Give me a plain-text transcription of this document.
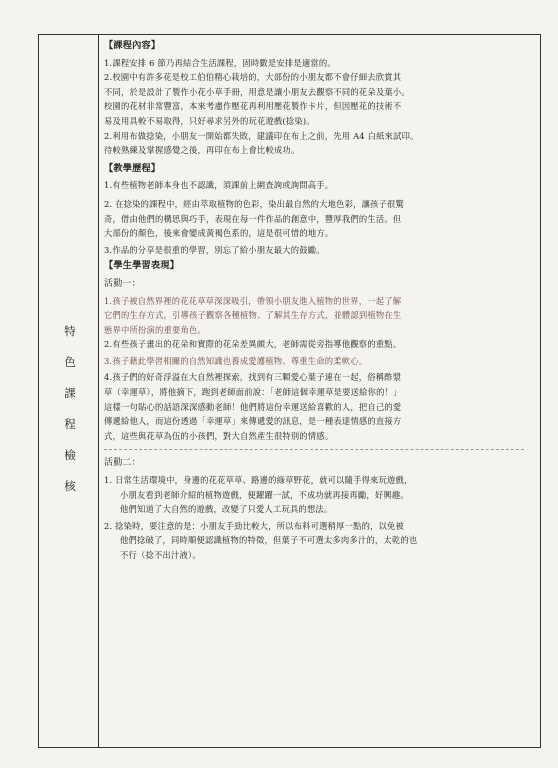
特
色
課
程
檢
核

【課程內容】

1.課程安排 6 節乃再結合生活課程，固時數是安排是適當的。

2.校園中有許多花是校工伯伯精心栽培的，大部份的小朋友都不會仔細去欣賞其

不同，於是設計了製作小花小草手冊，用意是讓小朋友去觀察不同的花朵及葉小。

校園的花材非常豐富，本來考慮作壓花再利用壓花製作卡片，但因壓花的技術不

易及用具較不易取得，只好尋求另外的玩花遊戲(捻染)。

2.利用布做捻染，小朋友一開始都失敗，建議印在布上之前，先用 A4 白紙來試印。

待較熟練及掌握感覺之後，再印在布上會比較成功。

【教學歷程】

1.有些植物老師本身也不認識，須課前上網查詢或詢問高手。

2. 在捻染的課程中，經由萃取植物的色彩，染出最自然的大地色彩，讓孩子很驚

奇，借由他們的構思與巧手，表現在每一件作品的創意中，豐厚我們的生活。但

大部份的顏色，後來會變成黃褐色系的，這是很可惜的地方。

3.作品的分享是很重的學習，別忘了給小朋友最大的鼓勵。

【學生學習表現】

活動一：

1.孩子被自然界裡的花花草草深深吸引，帶領小朋友進入植物的世界，一起了解

它們的生存方式，引導孩子觀察各種植物、了解其生存方式，並體認到植物在生

態界中所扮演的重要角色。

2.有些孩子畫出的花朵和實際的花朵差異頗大，老師需從旁指導他觀察的重點。

3.孩子藉此學習相關的自然知識也養成愛護植物、尊重生命的柔軟心。

4.孩子們的好奇浮溢在大自然裡探索，找到有三顆愛心葉子連在一起，俗稱酢漿

草（幸運草），將他摘下，跑到老師面前說：「老師這個幸運草是要送給你的！」

這樣一句貼心的話語深深感動老師！他們將這份幸運送給喜歡的人，把自己的愛

傳遞給他人，而這份透過「幸運草」來傳遞愛的訊息，是一種表達情感的直接方

式，這些與花草為伍的小孩們，對大自然產生很特別的情感。

活動二：

1. 日常生活環境中，身邊的花花草草、路邊的綠草野花，就可以隨手得來玩遊戲，

小朋友看到老師介紹的植物遊戲，便躍躍一試，不成功就再接再勵，好興趣。

他們知道了大自然的遊戲，改變了只愛人工玩具的想法。

2. 捻染時，要注意的是：小朋友手勁比較大，所以布料可選稍厚一點的，以免被

他們捻破了，同時順便認識植物的特徵，但葉子不可選太多肉多汁的，太乾的也

不行（捻不出汁液）。
